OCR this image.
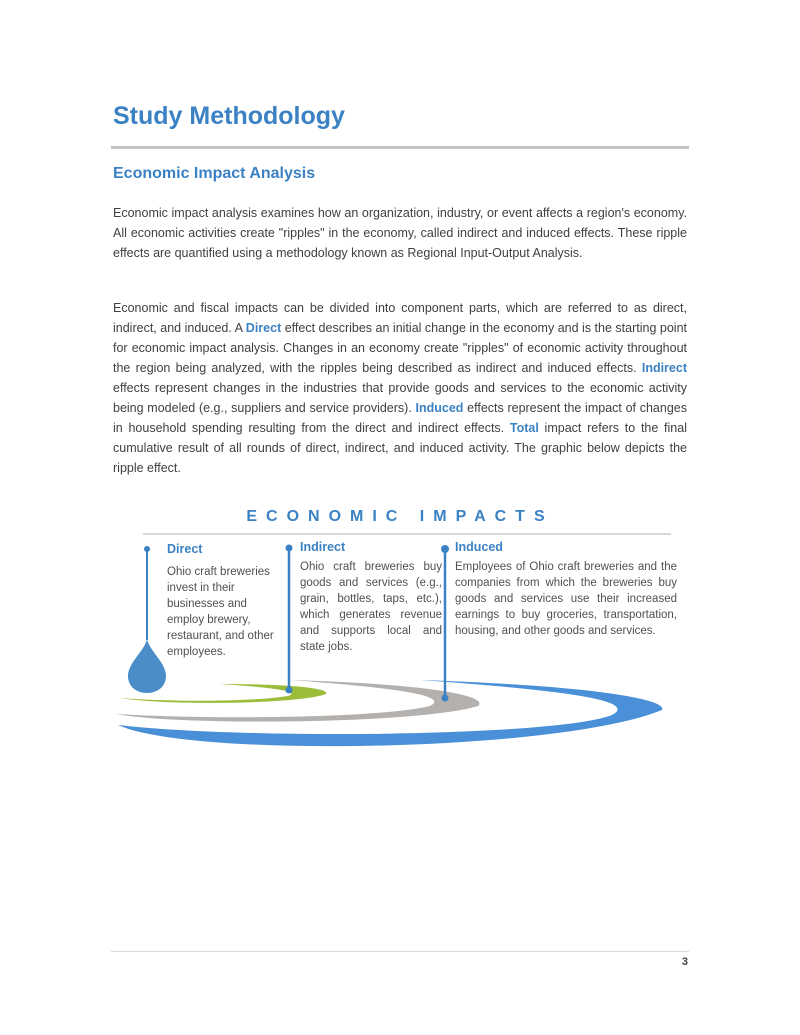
Study Methodology
Economic Impact Analysis

Economic impact analysis examines how an organization, industry, or event affects a region's economy. All economic activities create "ripples" in the economy, called indirect and induced effects. These ripple effects are quantified using a methodology known as Regional Input-Output Analysis.

Economic and fiscal impacts can be divided into component parts, which are referred to as direct, indirect, and induced. A Direct effect describes an initial change in the economy and is the starting point for economic impact analysis. Changes in an economy create "ripples" of economic activity throughout the region being analyzed, with the ripples being described as indirect and induced effects. Indirect effects represent changes in the industries that provide goods and services to the economic activity being modeled (e.g., suppliers and service providers). Induced effects represent the impact of changes in household spending resulting from the direct and indirect effects. Total impact refers to the final cumulative result of all rounds of direct, indirect, and induced activity. The graphic below depicts the ripple effect.

ECONOMIC IMPACTS

Direct

Ohio craft breweries invest in their businesses and employ brewery, restaurant, and other employees.

Indirect

Ohio craft breweries buy goods and services (e.g., grain, bottles, taps, etc.), which generates revenue and supports local and state jobs.

Induced

Employees of Ohio craft breweries and the companies from which the breweries buy goods and services use their increased earnings to buy groceries, transportation, housing, and other goods and services.

3
